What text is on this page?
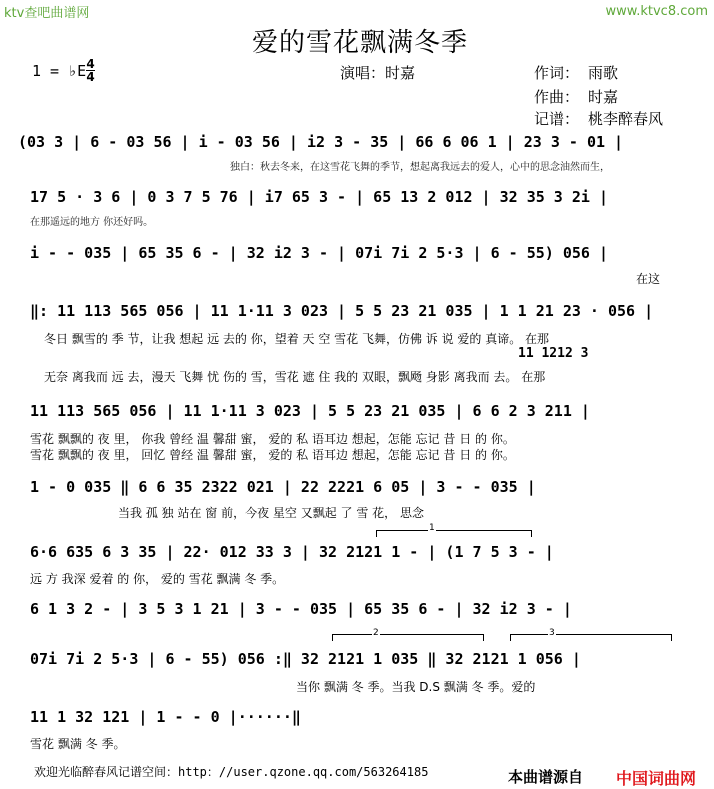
ktv查吧曲谱网	www.ktvc8.com
爱的雪花飘满冬季
1 = ♭E 4
4	演唱：时嘉	作词： 雨歌
作曲： 时嘉
记谱： 桃李醉春风
(03 3 | 6 - 03 56 | i - 03 56 | i2 3 - 35 | 66 6 06 1 | 23 3 - 01 |
独白：秋去冬来，在这雪花飞舞的季节，想起离我远去的爱人，心中的思念油然而生，
17 5 · 3 6 | 0 3 7 5 76 | i7 65 3 - | 65 13 2 012 | 32 35 3 2i |
在那遥远的地方 你还好吗。
i - - 035 | 65 35 6 - | 32 i2 3 - | 07i 7i 2 5·3 | 6 - 55) 056 |
在这
‖: 11 113 565 056 | 11 1·11 3 023 | 5 5 23 21 035 | 1 1 21 23 · 056 |
冬日 飘雪的 季 节，让我 想起 远 去的 你，望着 天 空 雪花 飞舞，仿佛 诉 说 爱的 真谛。 在那
11 1212 3
无奈 离我而 远 去，漫天 飞舞 忧 伤的 雪，雪花 遮 住 我的 双眼，飘飏 身影 离我而 去。 在那
11 113 565 056 | 11 1·11 3 023 | 5 5 23 21 035 | 6 6 2 3 211 |
雪花 飘飘的 夜 里， 你我 曾经 温 馨甜 蜜， 爱的 私 语耳边 想起，怎能 忘记 昔 日 的 你。
雪花 飘飘的 夜 里， 回忆 曾经 温 馨甜 蜜， 爱的 私 语耳边 想起，怎能 忘记 昔 日 的 你。
1 - 0 035 ‖ 6 6 35 2322 021 | 22 2221 6 05 | 3 - - 035 |
当我 孤 独 站在 窗 前，今夜 星空 又飘起 了 雪 花， 思念
1
6·6 635 6 3 35 | 22· 012 33 3 | 32 2121 1 - | (1 7 5 3 - |
远 方 我深 爱着 的 你， 爱的 雪花 飘满 冬 季。
6 1 3 2 - | 3 5 3 1 21 | 3 - - 035 | 65 35 6 - | 32 i2 3 - |
2	3
07i 7i 2 5·3 | 6 - 55) 056 :‖ 32 2121 1 035 ‖ 32 2121 1 056 |
当你 飘满 冬 季。当我 D.S 飘满 冬 季。爱的
11 1 32 121 | 1 - - 0 |······‖
雪花 飘满 冬 季。
欢迎光临醉春风记谱空间：http：//user.qzone.qq.com/563264185	本曲谱源自 中国词曲网
